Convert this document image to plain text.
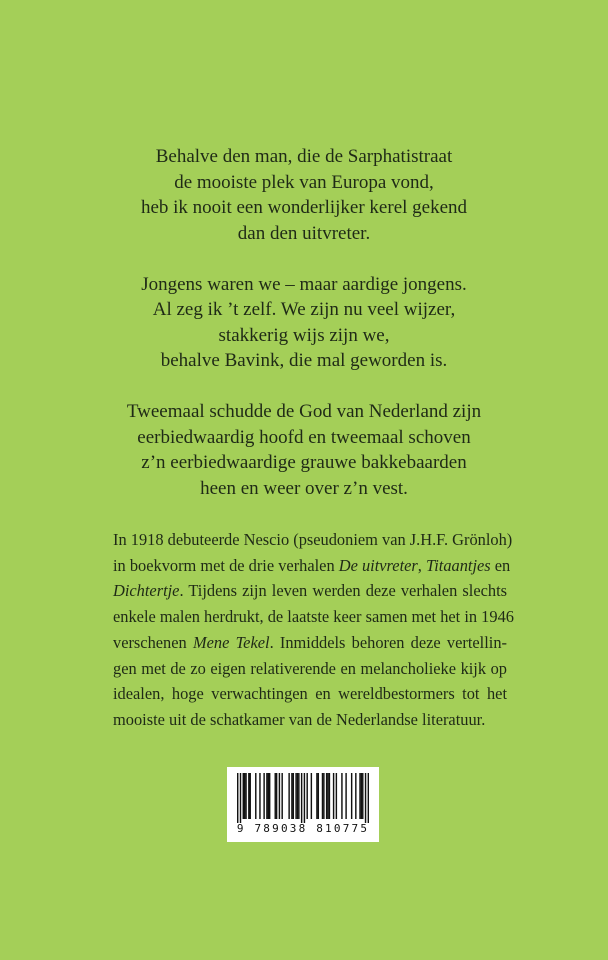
Behalve den man, die de Sarphatistraat
de mooiste plek van Europa vond,
heb ik nooit een wonderlijker kerel gekend
dan den uitvreter.
Jongens waren we – maar aardige jongens.
Al zeg ik ’t zelf. We zijn nu veel wijzer,
stakkerig wijs zijn we,
behalve Bavink, die mal geworden is.
Tweemaal schudde de God van Nederland zijn
eerbiedwaardig hoofd en tweemaal schoven
z’n eerbiedwaardige grauwe bakkebaarden
heen en weer over z’n vest.
In 1918 debuteerde Nescio (pseudoniem van J.H.F. Grönloh)
in boekvorm met de drie verhalen De uitvreter, Titaantjes en
Dichtertje. Tijdens zijn leven werden deze verhalen slechts
enkele malen herdrukt, de laatste keer samen met het in 1946
verschenen Mene Tekel. Inmiddels behoren deze vertellin-
gen met de zo eigen relativerende en melancholieke kijk op
idealen, hoge verwachtingen en wereldbestormers tot het
mooiste uit de schatkamer van de Nederlandse literatuur.
9 789038 810775
